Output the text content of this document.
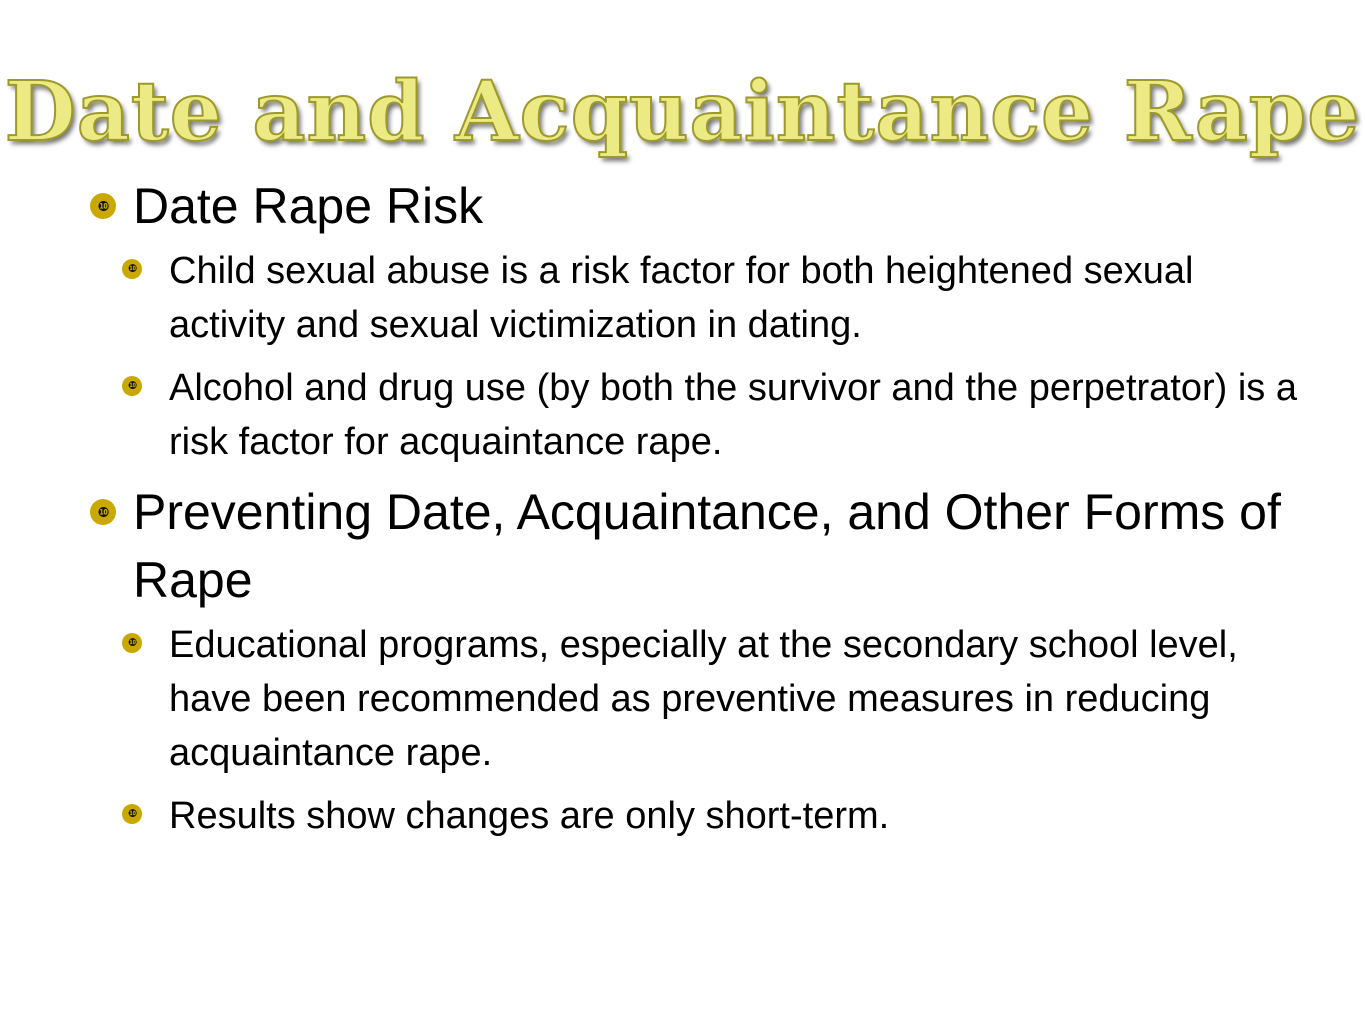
Date and Acquaintance Rape
❿ Date Rape Risk
❿ Child sexual abuse is a risk factor for both heightened sexual activity and sexual victimization in dating.
❿ Alcohol and drug use (by both the survivor and the perpetrator) is a risk factor for acquaintance rape.
❿ Preventing Date, Acquaintance, and Other Forms of Rape
❿ Educational programs, especially at the secondary school level, have been recommended as preventive measures in reducing acquaintance rape.
❿ Results show changes are only short-term.
